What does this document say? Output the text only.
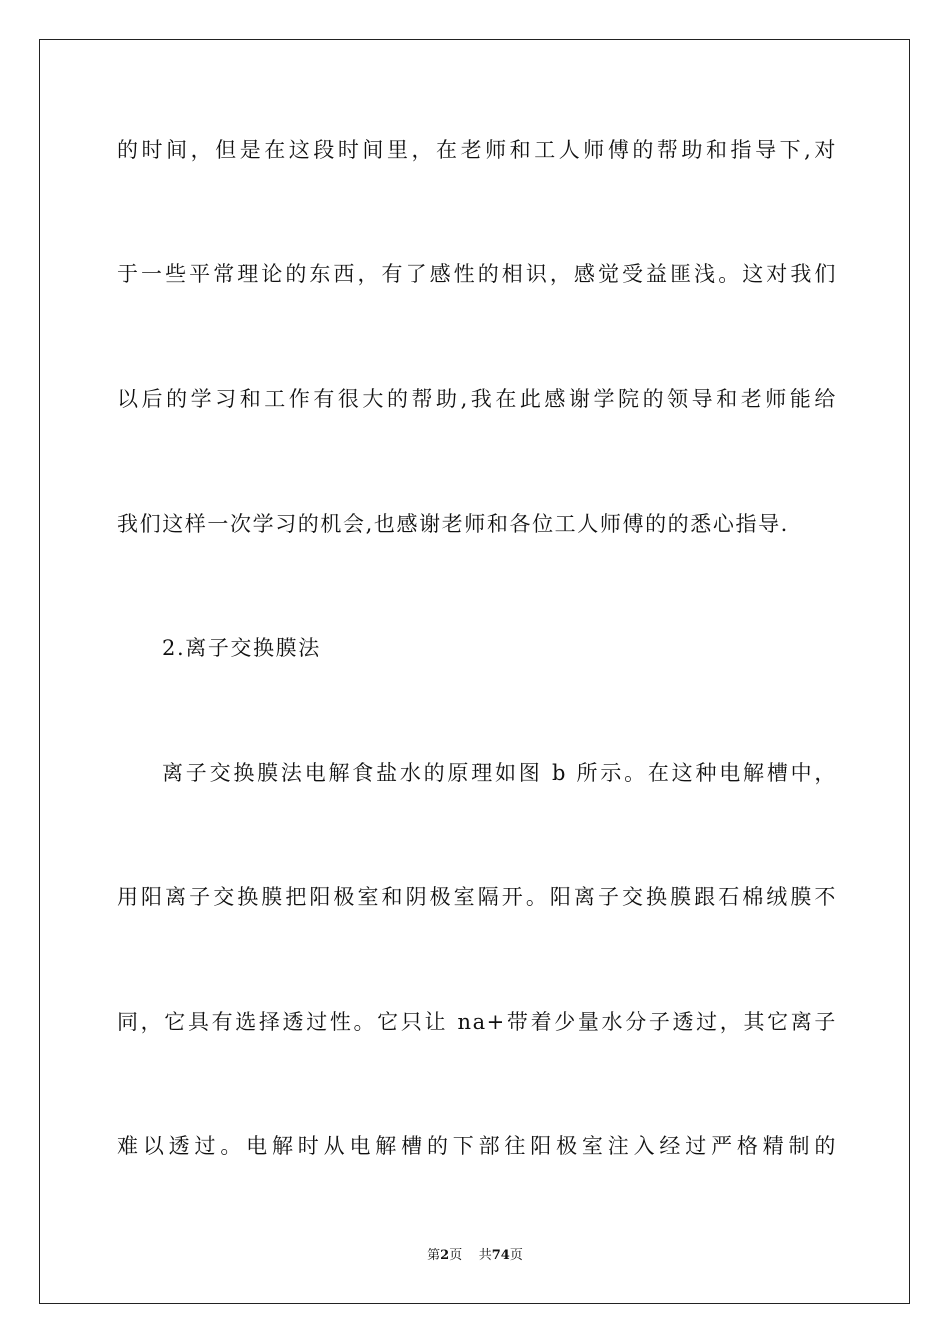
的时间，但是在这段时间里，在老师和工人师傅的帮助和指导下,对
于一些平常理论的东西，有了感性的相识，感觉受益匪浅。这对我们
以后的学习和工作有很大的帮助,我在此感谢学院的领导和老师能给
我们这样一次学习的机会,也感谢老师和各位工人师傅的的悉心指导.
2.离子交换膜法
离子交换膜法电解食盐水的原理如图 b 所示。在这种电解槽中，
用阳离子交换膜把阳极室和阴极室隔开。阳离子交换膜跟石棉绒膜不
同，它具有选择透过性。它只让 na+带着少量水分子透过，其它离子
难以透过。电解时从电解槽的下部往阳极室注入经过严格精制的
第2页 共74页
